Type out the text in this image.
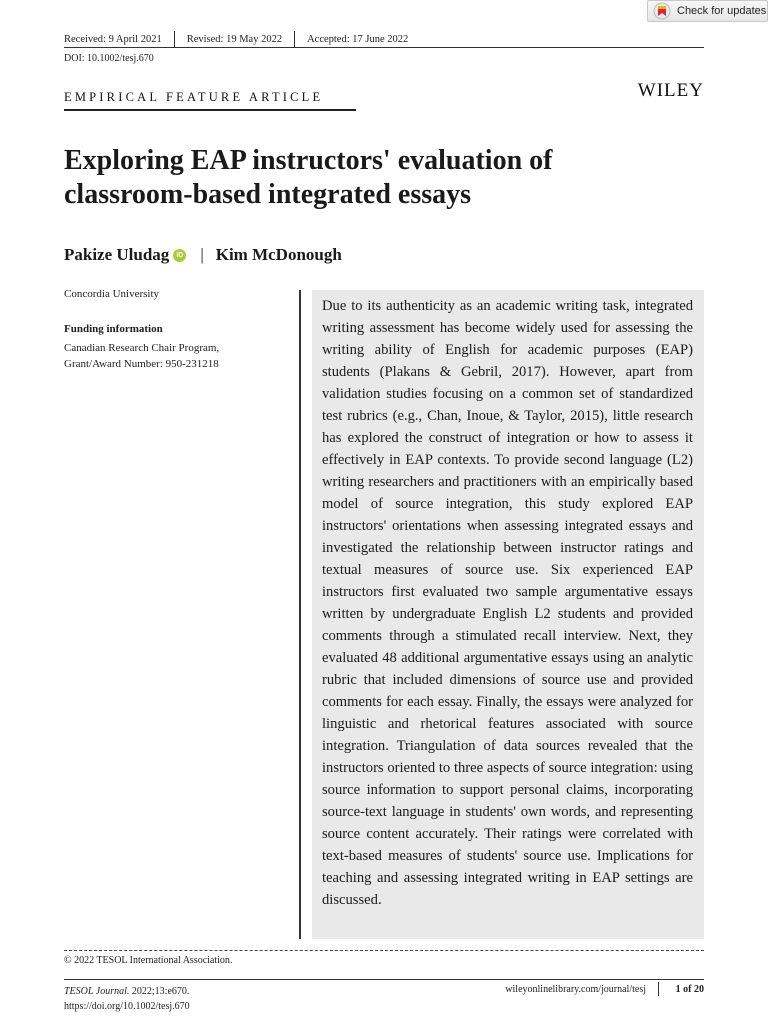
Check for updates
Received: 9 April 2021 Revised: 19 May 2022 Accepted: 17 June 2022
DOI: 10.1002/tesj.670
EMPIRICAL FEATURE ARTICLE	WILEY
Exploring EAP instructors' evaluation of
classroom-based integrated essays
Pakize Uludag	iD | Kim McDonough
Concordia University
Funding information
Canadian Research Chair Program,
Grant/Award Number: 950-231218
Due to its authenticity as an academic writing task, integrated writing assessment has become widely used for assessing the writing ability of English for academic purposes (EAP) students (Plakans & Gebril, 2017). However, apart from validation studies focusing on a common set of standardized test rubrics (e.g., Chan, Inoue, & Taylor, 2015), little research has explored the construct of integration or how to assess it effectively in EAP contexts. To provide second language (L2) writing researchers and practitioners with an empirically based model of source integration, this study explored EAP instructors' orientations when assessing integrated essays and investigated the relationship between instructor ratings and textual measures of source use. Six experienced EAP instructors first evaluated two sample argumentative essays written by undergraduate English L2 students and provided comments through a stimulated recall interview. Next, they evaluated 48 additional argumentative essays using an analytic rubric that included dimensions of source use and provided comments for each essay. Finally, the essays were analyzed for linguistic and rhetorical features associated with source integration. Triangulation of data sources revealed that the instructors oriented to three aspects of source integration: using source information to support personal claims, incorporating source-text language in students' own words, and representing source content accurately. Their ratings were correlated with text-based measures of students' source use. Implications for teaching and assessing integrated writing in EAP settings are discussed.
© 2022 TESOL International Association.
TESOL Journal. 2022;13:e670.
https://doi.org/10.1002/tesj.670
wileyonlinelibrary.com/journal/tesj	1 of 20
